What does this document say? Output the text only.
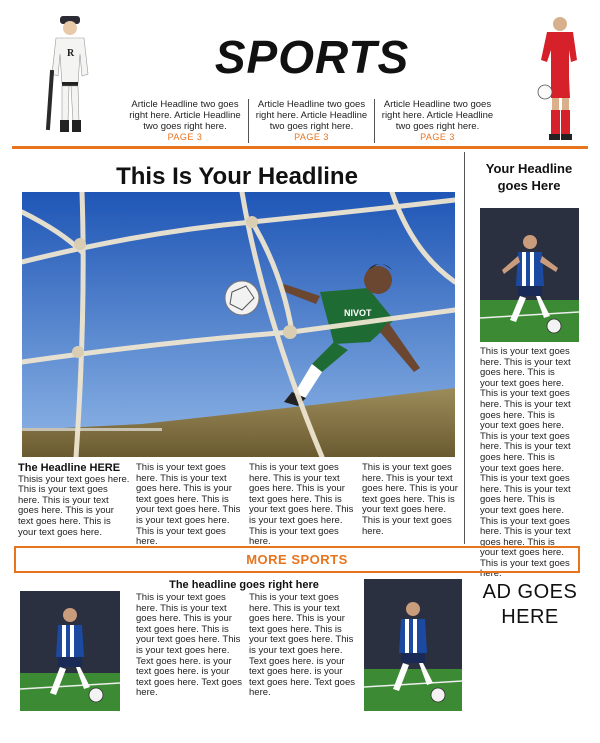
R	SPORTS
Article Headline two goes right here. Article Headline two goes right here.
PAGE 3
Article Headline two goes right here. Article Headline two goes right here.
PAGE 3
Article Headline two goes right here. Article Headline two goes right here.
PAGE 3
This Is Your Headline
NIVOT
The Headline HERE
Thisis your text goes here. This is your text goes here. This is your text goes here. This is your text goes here. This is your text goes here.
This is your text goes here. This is your text goes here. This is your text goes here. This is your text goes here. This is your text goes here. This is your text goes here.
This is your text goes here. This is your text goes here. This is your text goes here. This is your text goes here. This is your text goes here. This is your text goes here.
This is your text goes here. This is your text goes here. This is your text goes here. This is your text goes here. This is your text goes here.
Your Headline goes Here
This is your text goes here. This is your text goes here. This is your text goes here. This is your text goes here. This is your text goes here. This is your text goes here. This is your text goes here. This is your text goes here. This is your text goes here. This is your text goes here. This is your text goes here. This is your text goes here. This is your text goes here. This is your text goes here. This is your text goes here. This is your text goes here.
MORE SPORTS
The headline goes right here
This is your text goes here. This is your text goes here. This is your text goes here. This is your text goes here. This is your text goes here. Text goes here. is your text goes here. is your text goes here. Text goes here.
This is your text goes here. This is your text goes here. This is your text goes here. This is your text goes here. This is your text goes here. Text goes here. is your text goes here. is your text goes here. Text goes here.
AD GOES HERE
